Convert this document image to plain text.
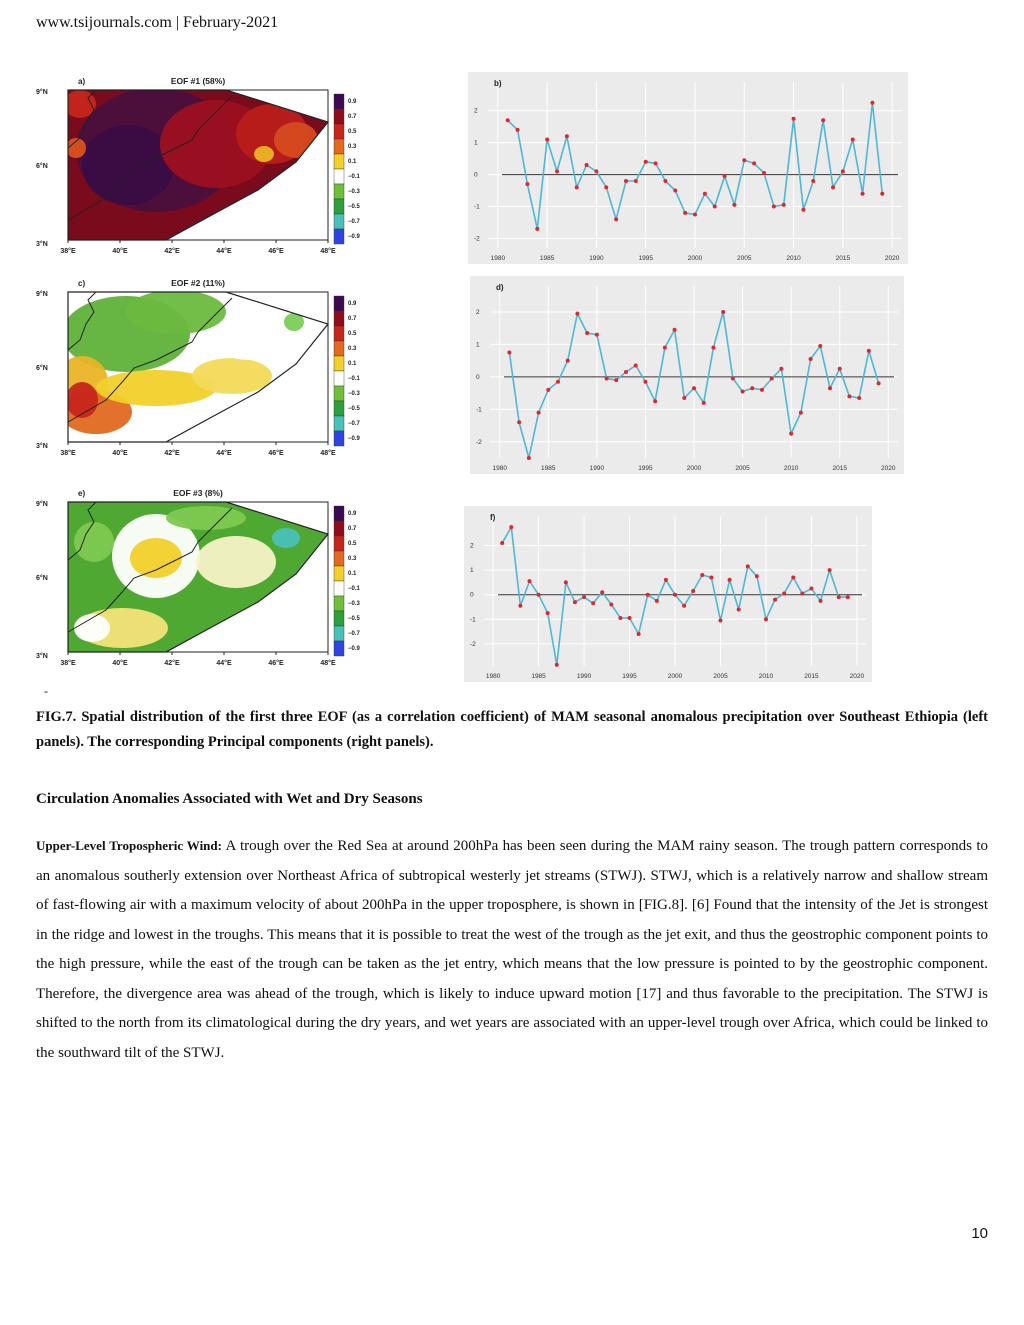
www.tsijournals.com | February-2021
a)	EOF #1 (58%)
9°N
6°N
3°N
38°E	40°E	42°E	44°E	46°E	48°E
0.9
0.7
0.5
0.3
0.1
−0.1
−0.3
−0.5
−0.7
−0.9
c)	EOF #2 (11%)
9°N
6°N
3°N
38°E	40°E	42°E	44°E	46°E	48°E
0.9
0.7
0.5
0.3
0.1
−0.1
−0.3
−0.5
−0.7
−0.9
e)	EOF #3 (8%)
9°N
6°N
3°N
38°E	40°E	42°E	44°E	46°E	48°E
0.9
0.7
0.5
0.3
0.1
−0.1
−0.3
−0.5
−0.7
−0.9
b)
2
1
0
-1
-2
1980	1985	1990	1995	2000	2005	2010	2015	2020
d)
2
1
0
-1
-2
1980	1985	1990	1995	2000	2005	2010	2015	2020
f)
2
1
0
-1
-2
1980	1985	1990	1995	2000	2005	2010	2015	2020
-
FIG.7. Spatial distribution of the first three EOF (as a correlation coefficient) of MAM seasonal anomalous precipitation over Southeast Ethiopia (left panels). The corresponding Principal components (right panels).
Circulation Anomalies Associated with Wet and Dry Seasons
Upper-Level Tropospheric Wind: A trough over the Red Sea at around 200hPa has been seen during the MAM rainy season. The trough pattern corresponds to an anomalous southerly extension over Northeast Africa of subtropical westerly jet streams (STWJ). STWJ, which is a relatively narrow and shallow stream of fast-flowing air with a maximum velocity of about 200hPa in the upper troposphere, is shown in [FIG.8]. [6] Found that the intensity of the Jet is strongest in the ridge and lowest in the troughs. This means that it is possible to treat the west of the trough as the jet exit, and thus the geostrophic component points to the high pressure, while the east of the trough can be taken as the jet entry, which means that the low pressure is pointed to by the geostrophic component. Therefore, the divergence area was ahead of the trough, which is likely to induce upward motion [17] and thus favorable to the precipitation. The STWJ is shifted to the north from its climatological during the dry years, and wet years are associated with an upper-level trough over Africa, which could be linked to the southward tilt of the STWJ.
10
